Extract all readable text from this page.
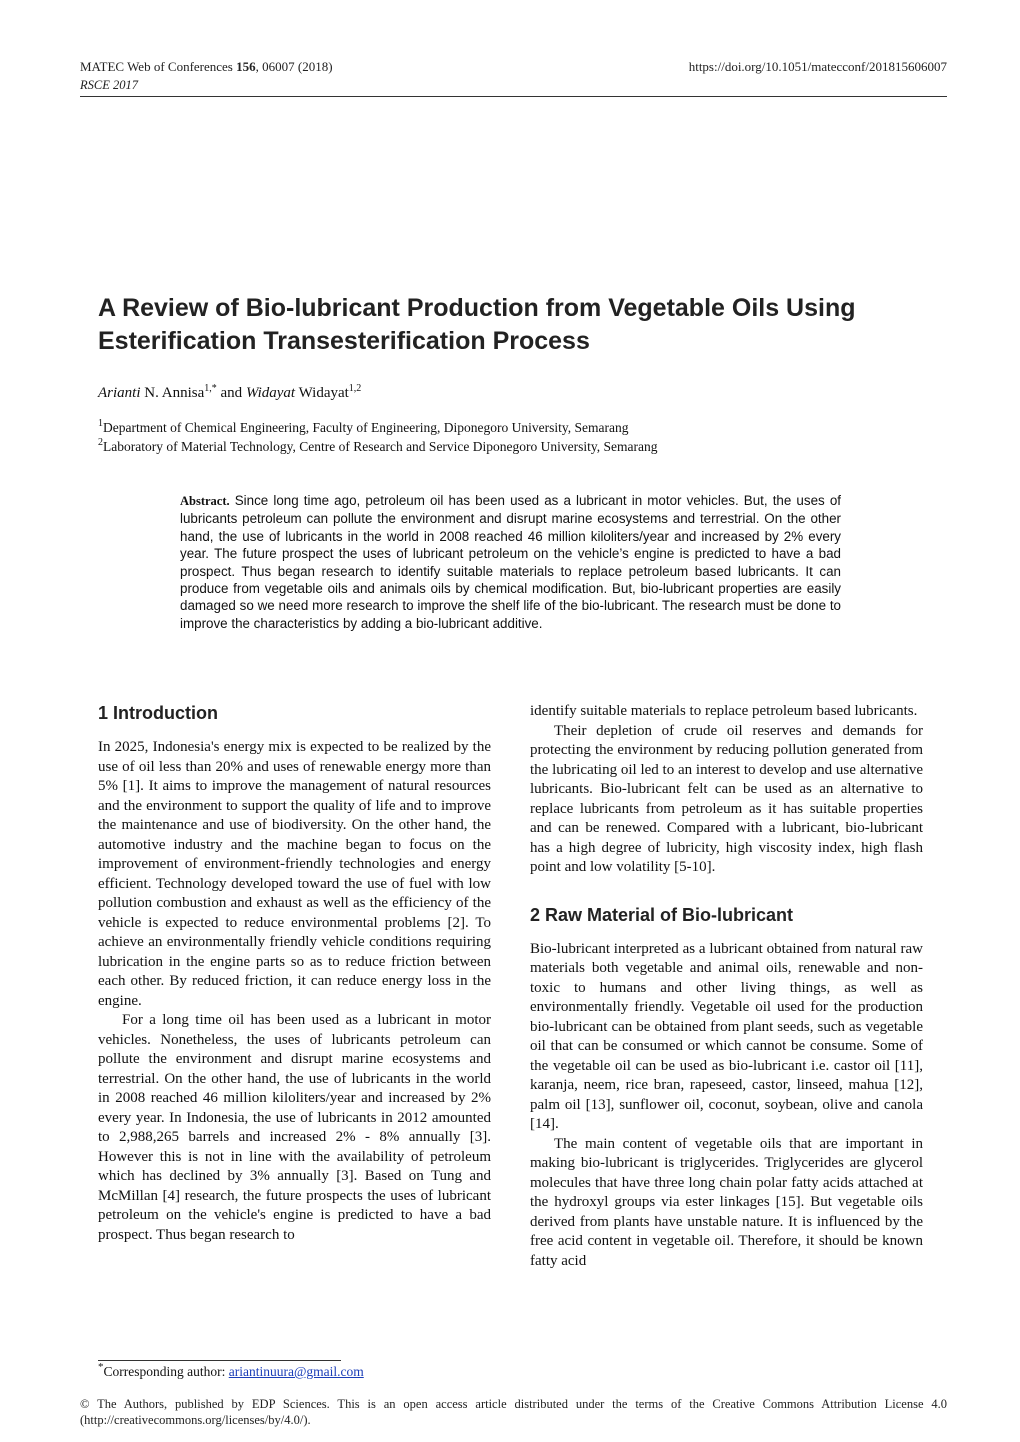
MATEC Web of Conferences 156, 06007 (2018)	https://doi.org/10.1051/matecconf/201815606007
RSCE 2017
A Review of Bio-lubricant Production from Vegetable Oils Using Esterification Transesterification Process
Arianti N. Annisa$^{1,*}$ and Widayat Widayat$^{1,2}$
$^1$Department of Chemical Engineering, Faculty of Engineering, Diponegoro University, Semarang
$^2$Laboratory of Material Technology, Centre of Research and Service Diponegoro University, Semarang

Abstract. Since long time ago, petroleum oil has been used as a lubricant in motor vehicles. But, the uses of lubricants petroleum can pollute the environment and disrupt marine ecosystems and terrestrial. On the other hand, the use of lubricants in the world in 2008 reached 46 million kiloliters/year and increased by 2% every year. The future prospect the uses of lubricant petroleum on the vehicle’s engine is predicted to have a bad prospect. Thus began research to identify suitable materials to replace petroleum based lubricants. It can produce from vegetable oils and animals oils by chemical modification. But, bio-lubricant properties are easily damaged so we need more research to improve the shelf life of the bio-lubricant. The research must be done to improve the characteristics by adding a bio-lubricant additive.

1 Introduction

In 2025, Indonesia's energy mix is expected to be realized by the use of oil less than 20% and uses of renewable energy more than 5% [1]. It aims to improve the management of natural resources and the environment to support the quality of life and to improve the maintenance and use of biodiversity. On the other hand, the automotive industry and the machine began to focus on the improvement of environment-friendly technologies and energy efficient. Technology developed toward the use of fuel with low pollution combustion and exhaust as well as the efficiency of the vehicle is expected to reduce environmental problems [2]. To achieve an environmentally friendly vehicle conditions requiring lubrication in the engine parts so as to reduce friction between each other. By reduced friction, it can reduce energy loss in the engine.

For a long time oil has been used as a lubricant in motor vehicles. Nonetheless, the uses of lubricants petroleum can pollute the environment and disrupt marine ecosystems and terrestrial. On the other hand, the use of lubricants in the world in 2008 reached 46 million kiloliters/year and increased by 2% every year. In Indonesia, the use of lubricants in 2012 amounted to 2,988,265 barrels and increased 2% - 8% annually [3]. However this is not in line with the availability of petroleum which has declined by 3% annually [3]. Based on Tung and McMillan [4] research, the future prospects the uses of lubricant petroleum on the vehicle's engine is predicted to have a bad prospect. Thus began research to

identify suitable materials to replace petroleum based lubricants.

Their depletion of crude oil reserves and demands for protecting the environment by reducing pollution generated from the lubricating oil led to an interest to develop and use alternative lubricants. Bio-lubricant felt can be used as an alternative to replace lubricants from petroleum as it has suitable properties and can be renewed. Compared with a lubricant, bio-lubricant has a high degree of lubricity, high viscosity index, high flash point and low volatility [5-10].

2 Raw Material of Bio-lubricant

Bio-lubricant interpreted as a lubricant obtained from natural raw materials both vegetable and animal oils, renewable and non-toxic to humans and other living things, as well as environmentally friendly. Vegetable oil used for the production bio-lubricant can be obtained from plant seeds, such as vegetable oil that can be consumed or which cannot be consume. Some of the vegetable oil can be used as bio-lubricant i.e. castor oil [11], karanja, neem, rice bran, rapeseed, castor, linseed, mahua [12], palm oil [13], sunflower oil, coconut, soybean, olive and canola [14].

The main content of vegetable oils that are important in making bio-lubricant is triglycerides. Triglycerides are glycerol molecules that have three long chain polar fatty acids attached at the hydroxyl groups via ester linkages [15]. But vegetable oils derived from plants have unstable nature. It is influenced by the free acid content in vegetable oil. Therefore, it should be known fatty acid

*Corresponding author: ariantinuura@gmail.com
© The Authors, published by EDP Sciences. This is an open access article distributed under the terms of the Creative Commons Attribution License 4.0 (http://creativecommons.org/licenses/by/4.0/).
